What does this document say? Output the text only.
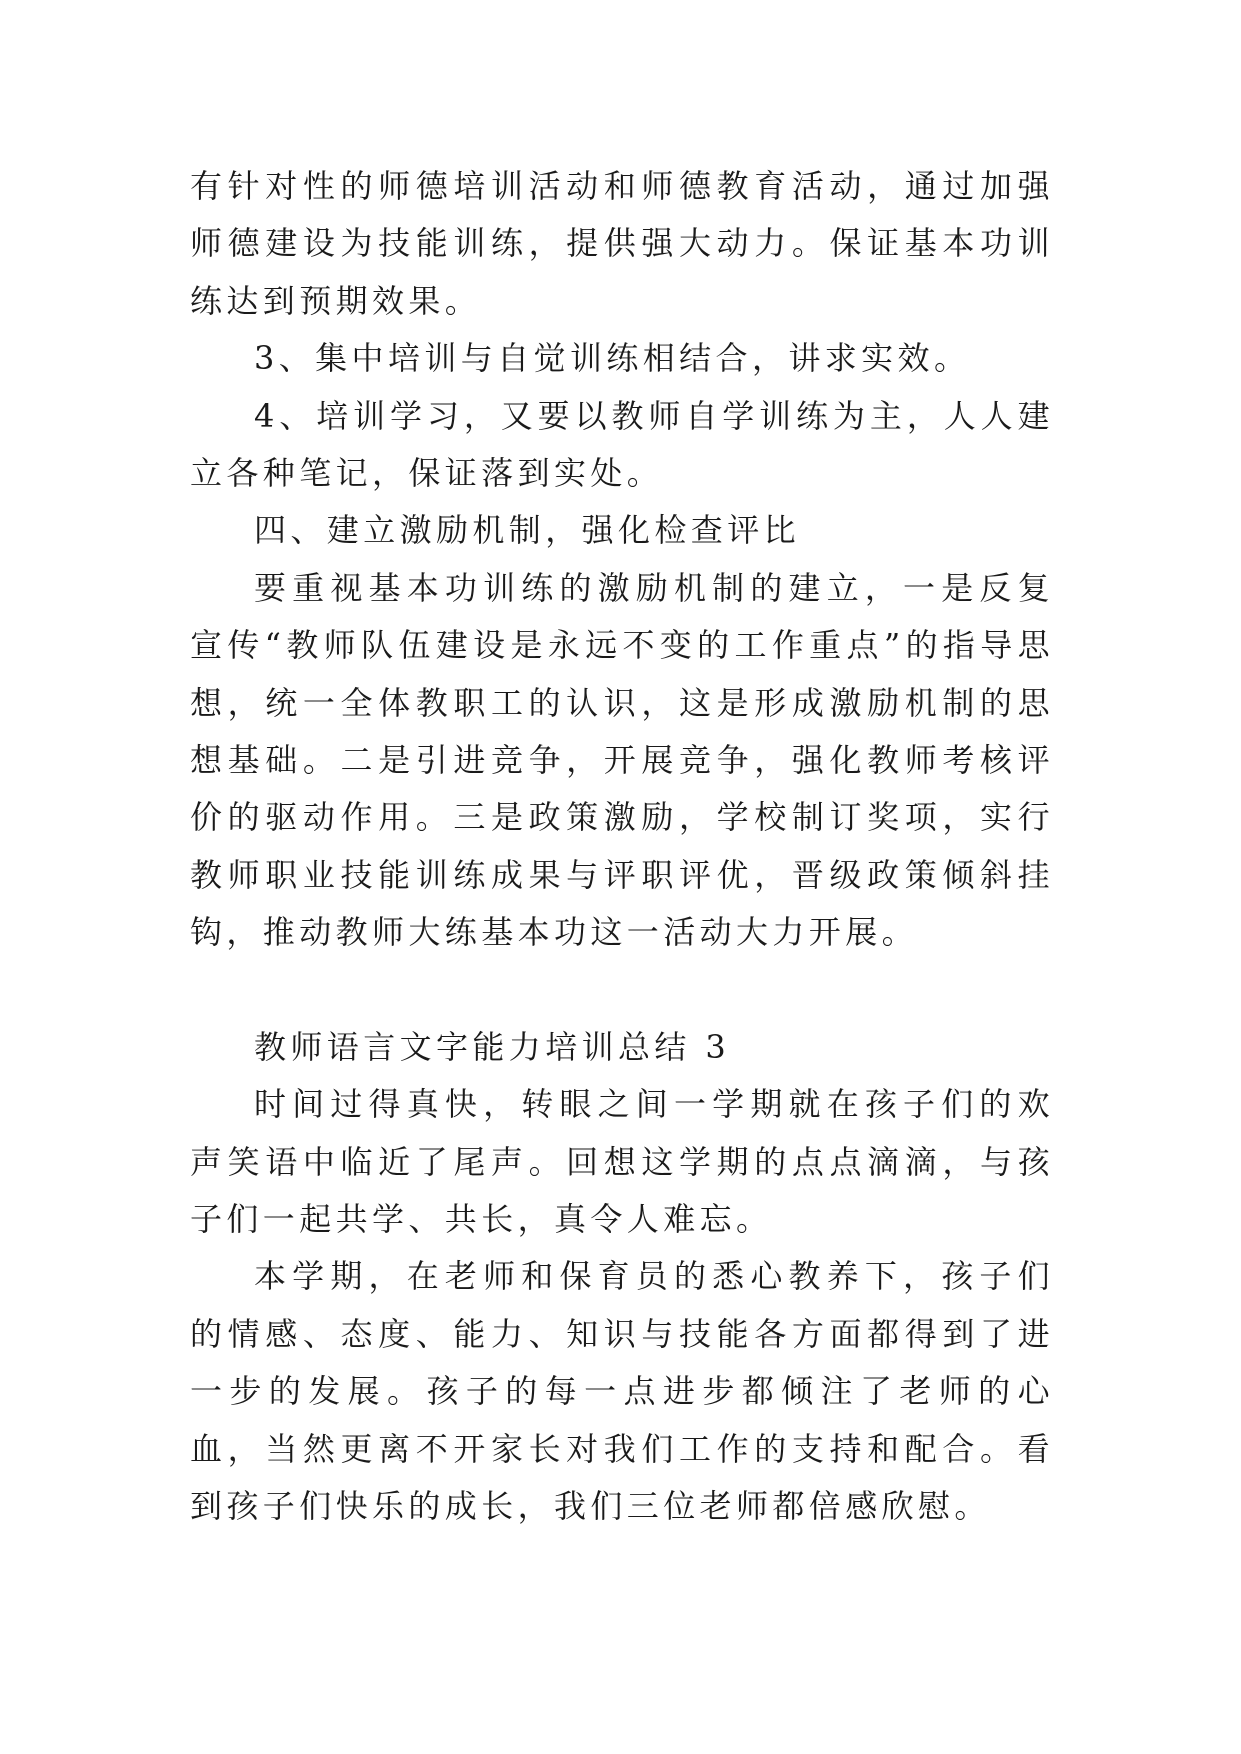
有针对性的师德培训活动和师德教育活动，通过加强师德建设为技能训练，提供强大动力。保证基本功训练达到预期效果。

3、集中培训与自觉训练相结合，讲求实效。

4、培训学习，又要以教师自学训练为主，人人建立各种笔记，保证落到实处。

四、建立激励机制，强化检查评比

要重视基本功训练的激励机制的建立，一是反复宣传“教师队伍建设是永远不变的工作重点”的指导思想，统一全体教职工的认识，这是形成激励机制的思想基础。二是引进竞争，开展竞争，强化教师考核评价的驱动作用。三是政策激励，学校制订奖项，实行教师职业技能训练成果与评职评优，晋级政策倾斜挂钩，推动教师大练基本功这一活动大力开展。

教师语言文字能力培训总结 3

时间过得真快，转眼之间一学期就在孩子们的欢声笑语中临近了尾声。回想这学期的点点滴滴，与孩子们一起共学、共长，真令人难忘。

本学期，在老师和保育员的悉心教养下，孩子们的情感、态度、能力、知识与技能各方面都得到了进一步的发展。孩子的每一点进步都倾注了老师的心血，当然更离不开家长对我们工作的支持和配合。看到孩子们快乐的成长，我们三位老师都倍感欣慰。
